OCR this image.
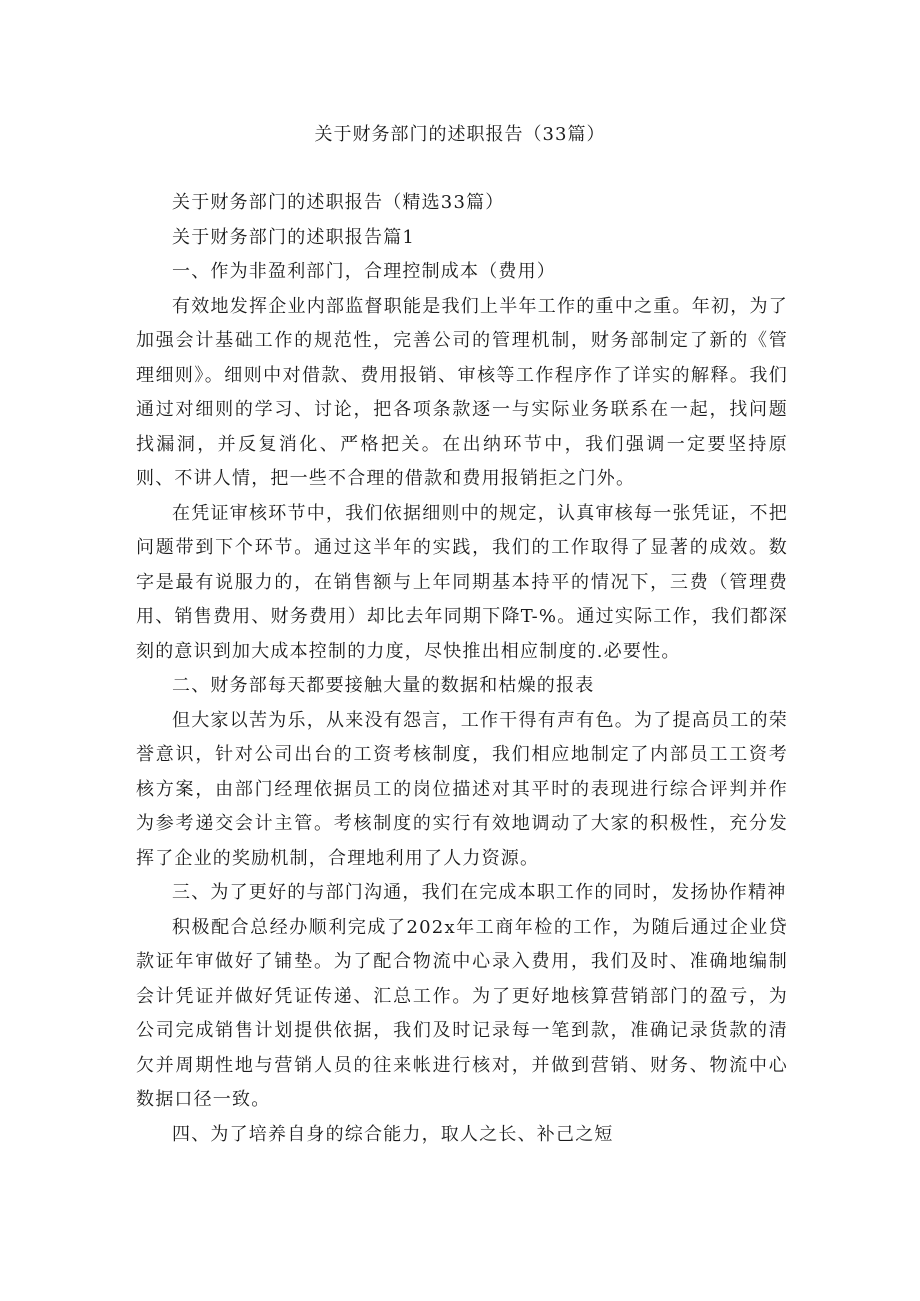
关于财务部门的述职报告（33篇）

关于财务部门的述职报告（精选33篇）

关于财务部门的述职报告篇1

一、作为非盈利部门，合理控制成本（费用）

有效地发挥企业内部监督职能是我们上半年工作的重中之重。年初，为了加强会计基础工作的规范性，完善公司的管理机制，财务部制定了新的《管理细则》。细则中对借款、费用报销、审核等工作程序作了详实的解释。我们通过对细则的学习、讨论，把各项条款逐一与实际业务联系在一起，找问题找漏洞，并反复消化、严格把关。在出纳环节中，我们强调一定要坚持原则、不讲人情，把一些不合理的借款和费用报销拒之门外。

在凭证审核环节中，我们依据细则中的规定，认真审核每一张凭证，不把问题带到下个环节。通过这半年的实践，我们的工作取得了显著的成效。数字是最有说服力的，在销售额与上年同期基本持平的情况下，三费（管理费用、销售费用、财务费用）却比去年同期下降T-%。通过实际工作，我们都深刻的意识到加大成本控制的力度，尽快推出相应制度的.必要性。

二、财务部每天都要接触大量的数据和枯燥的报表

但大家以苦为乐，从来没有怨言，工作干得有声有色。为了提高员工的荣誉意识，针对公司出台的工资考核制度，我们相应地制定了内部员工工资考核方案，由部门经理依据员工的岗位描述对其平时的表现进行综合评判并作为参考递交会计主管。考核制度的实行有效地调动了大家的积极性，充分发挥了企业的奖励机制，合理地利用了人力资源。

三、为了更好的与部门沟通，我们在完成本职工作的同时，发扬协作精神

积极配合总经办顺利完成了202x年工商年检的工作，为随后通过企业贷款证年审做好了铺垫。为了配合物流中心录入费用，我们及时、准确地编制会计凭证并做好凭证传递、汇总工作。为了更好地核算营销部门的盈亏，为公司完成销售计划提供依据，我们及时记录每一笔到款，准确记录货款的清欠并周期性地与营销人员的往来帐进行核对，并做到营销、财务、物流中心数据口径一致。

四、为了培养自身的综合能力，取人之长、补己之短
